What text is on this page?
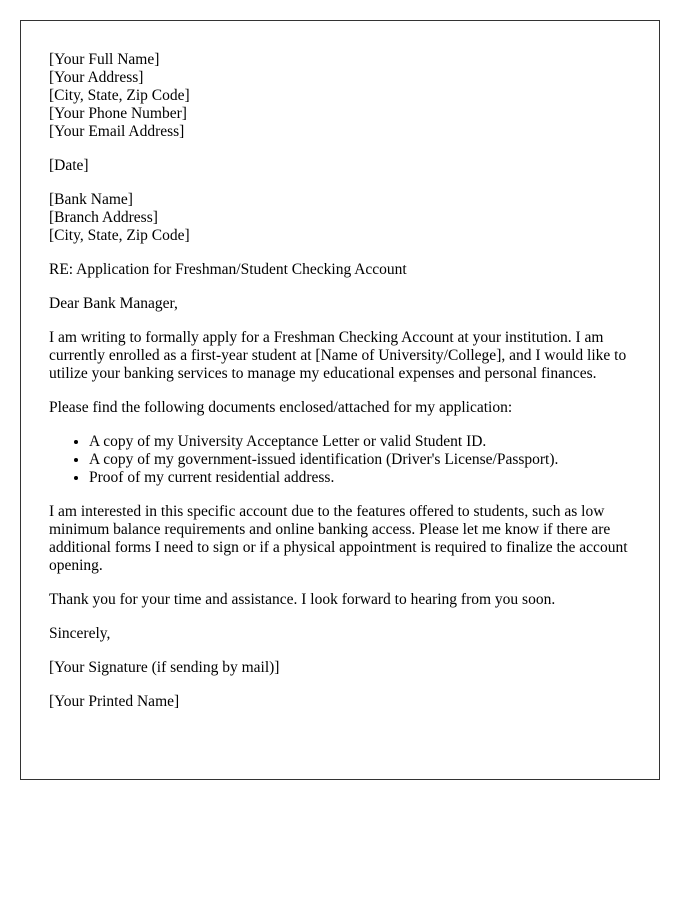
[Your Full Name]
[Your Address]
[City, State, Zip Code]
[Your Phone Number]
[Your Email Address]
[Date]
[Bank Name]
[Branch Address]
[City, State, Zip Code]

RE: Application for Freshman/Student Checking Account

Dear Bank Manager,

I am writing to formally apply for a Freshman Checking Account at your institution. I am currently enrolled as a first-year student at [Name of University/College], and I would like to utilize your banking services to manage my educational expenses and personal finances.

Please find the following documents enclosed/attached for my application:

• A copy of my University Acceptance Letter or valid Student ID.
• A copy of my government-issued identification (Driver's License/Passport).
• Proof of my current residential address.

I am interested in this specific account due to the features offered to students, such as low minimum balance requirements and online banking access. Please let me know if there are additional forms I need to sign or if a physical appointment is required to finalize the account opening.

Thank you for your time and assistance. I look forward to hearing from you soon.

Sincerely,

[Your Signature (if sending by mail)]

[Your Printed Name]
